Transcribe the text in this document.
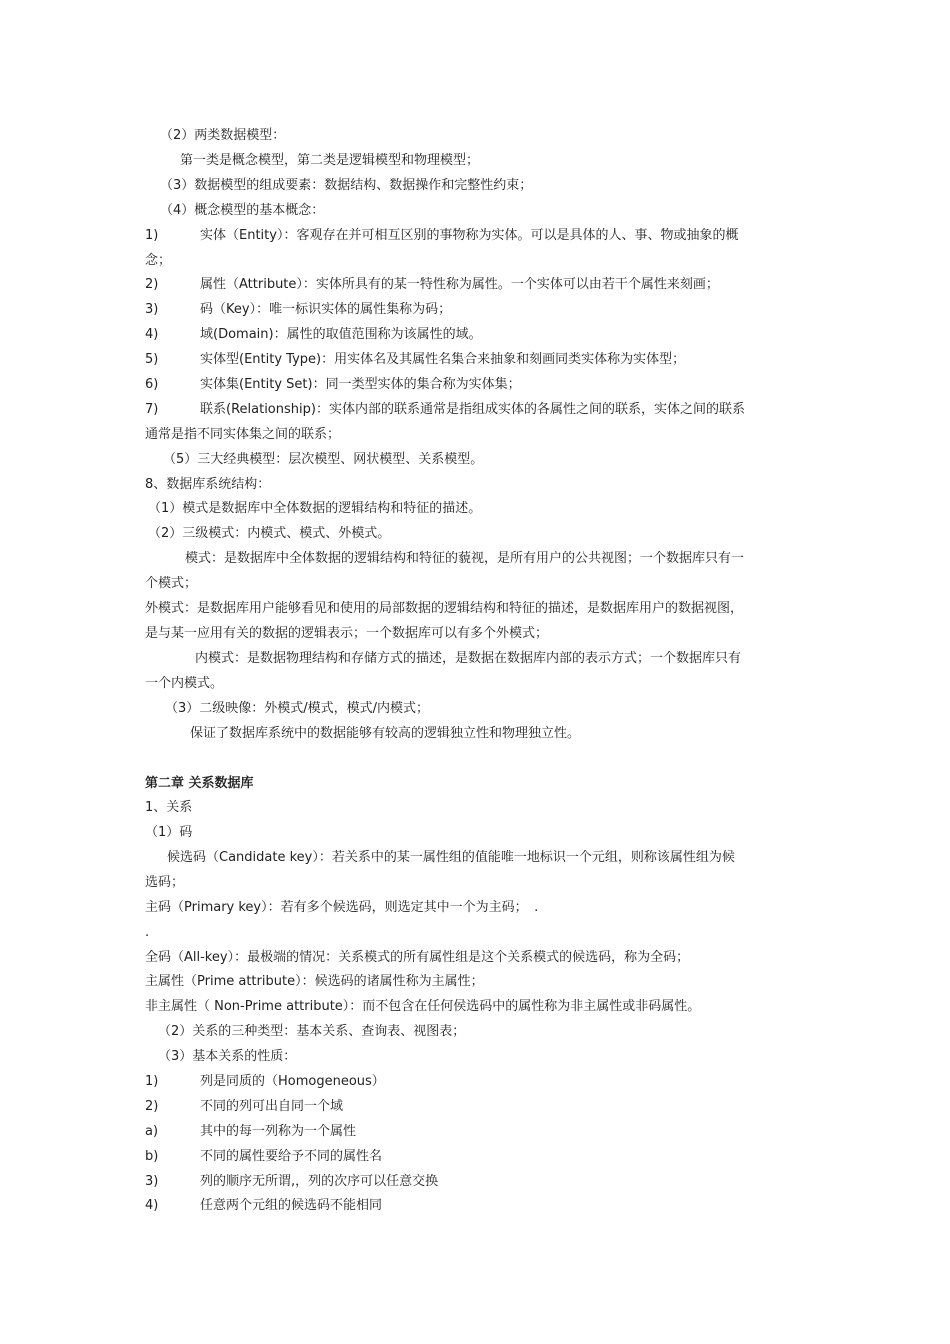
（2）两类数据模型：
第一类是概念模型，第二类是逻辑模型和物理模型；
（3）数据模型的组成要素：数据结构、数据操作和完整性约束；
（4）概念模型的基本概念：
1)	实体（Entity）：客观存在并可相互区别的事物称为实体。可以是具体的人、事、物或抽象的概
念；
2)	属性（Attribute）：实体所具有的某一特性称为属性。一个实体可以由若干个属性来刻画；
3)	码（Key）：唯一标识实体的属性集称为码；
4)	域(Domain)：属性的取值范围称为该属性的域。
5)	实体型(Entity Type)：用实体名及其属性名集合来抽象和刻画同类实体称为实体型；
6)	实体集(Entity Set)：同一类型实体的集合称为实体集；
7)	联系(Relationship)：实体内部的联系通常是指组成实体的各属性之间的联系，实体之间的联系
通常是指不同实体集之间的联系；
（5）三大经典模型：层次模型、网状模型、关系模型。
8、数据库系统结构：
（1）模式是数据库中全体数据的逻辑结构和特征的描述。
（2）三级模式：内模式、模式、外模式。
模式：是数据库中全体数据的逻辑结构和特征的藐视，是所有用户的公共视图；一个数据库只有一
个模式；
外模式：是数据库用户能够看见和使用的局部数据的逻辑结构和特征的描述，是数据库用户的数据视图，
是与某一应用有关的数据的逻辑表示；一个数据库可以有多个外模式；
内模式：是数据物理结构和存储方式的描述，是数据在数据库内部的表示方式；一个数据库只有
一个内模式。
（3）二级映像：外模式/模式，模式/内模式；
保证了数据库系统中的数据能够有较高的逻辑独立性和物理独立性。
第二章 关系数据库
1、关系
（1）码
候选码（Candidate key）：若关系中的某一属性组的值能唯一地标识一个元组，则称该属性组为候
选码；
主码（Primary key）：若有多个候选码，则选定其中一个为主码；　.
.
全码（All-key）：最极端的情况：关系模式的所有属性组是这个关系模式的候选码，称为全码；
主属性（Prime attribute）：候选码的诸属性称为主属性；
非主属性（ Non-Prime attribute）：而不包含在任何侯选码中的属性称为非主属性或非码属性。
（2）关系的三种类型：基本关系、查询表、视图表；
（3）基本关系的性质：
1)	列是同质的（Homogeneous）
2)	不同的列可出自同一个域
a)	其中的每一列称为一个属性
b)	不同的属性要给予不同的属性名
3)	列的顺序无所谓,，列的次序可以任意交换
4)	任意两个元组的候选码不能相同
